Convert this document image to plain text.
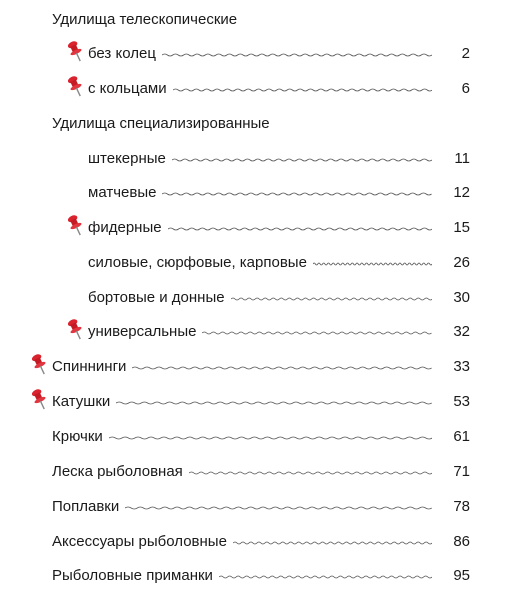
Удилища телескопические
без колец	2
с кольцами	6
Удилища специализированные
штекерные	11
матчевые	12
фидерные	15
силовые, сюрфовые, карповые	26
бортовые и донные	30
универсальные	32
Спиннинги	33
Катушки	53
Крючки	61
Леска рыболовная	71
Поплавки	78
Аксессуары рыболовные	86
Рыболовные приманки	95
